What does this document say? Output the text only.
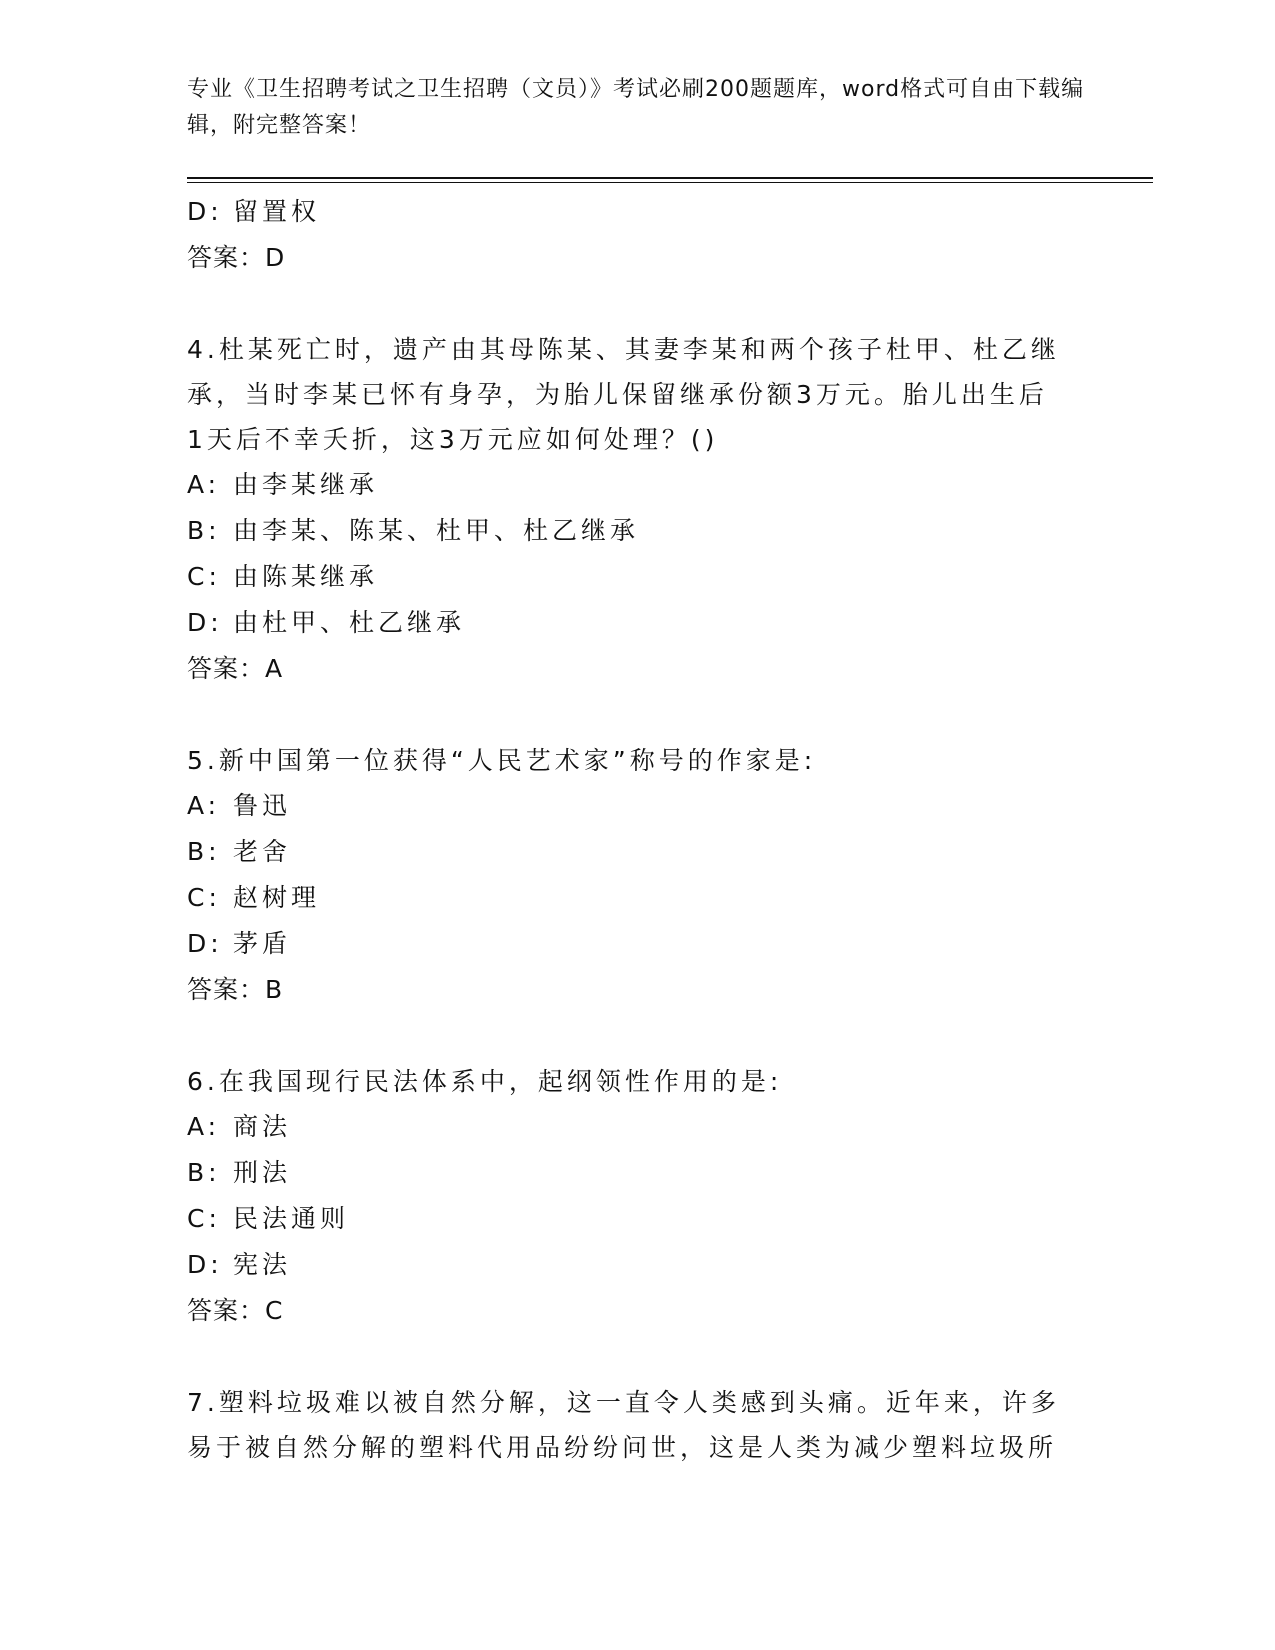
专业《卫生招聘考试之卫生招聘（文员）》考试必刷200题题库，word格式可自由下载编辑，附完整答案！
D: 留置权
答案：D
4.杜某死亡时，遗产由其母陈某、其妻李某和两个孩子杜甲、杜乙继承，当时李某已怀有身孕，为胎儿保留继承份额3万元。胎儿出生后1天后不幸夭折，这3万元应如何处理？()
A: 由李某继承
B: 由李某、陈某、杜甲、杜乙继承
C: 由陈某继承
D: 由杜甲、杜乙继承
答案：A
5.新中国第一位获得“人民艺术家”称号的作家是:
A: 鲁迅
B: 老舍
C: 赵树理
D: 茅盾
答案：B
6.在我国现行民法体系中，起纲领性作用的是:
A: 商法
B: 刑法
C: 民法通则
D: 宪法
答案：C
7.塑料垃圾难以被自然分解，这一直令人类感到头痛。近年来，许多易于被自然分解的塑料代用品纷纷问世，这是人类为减少塑料垃圾所
